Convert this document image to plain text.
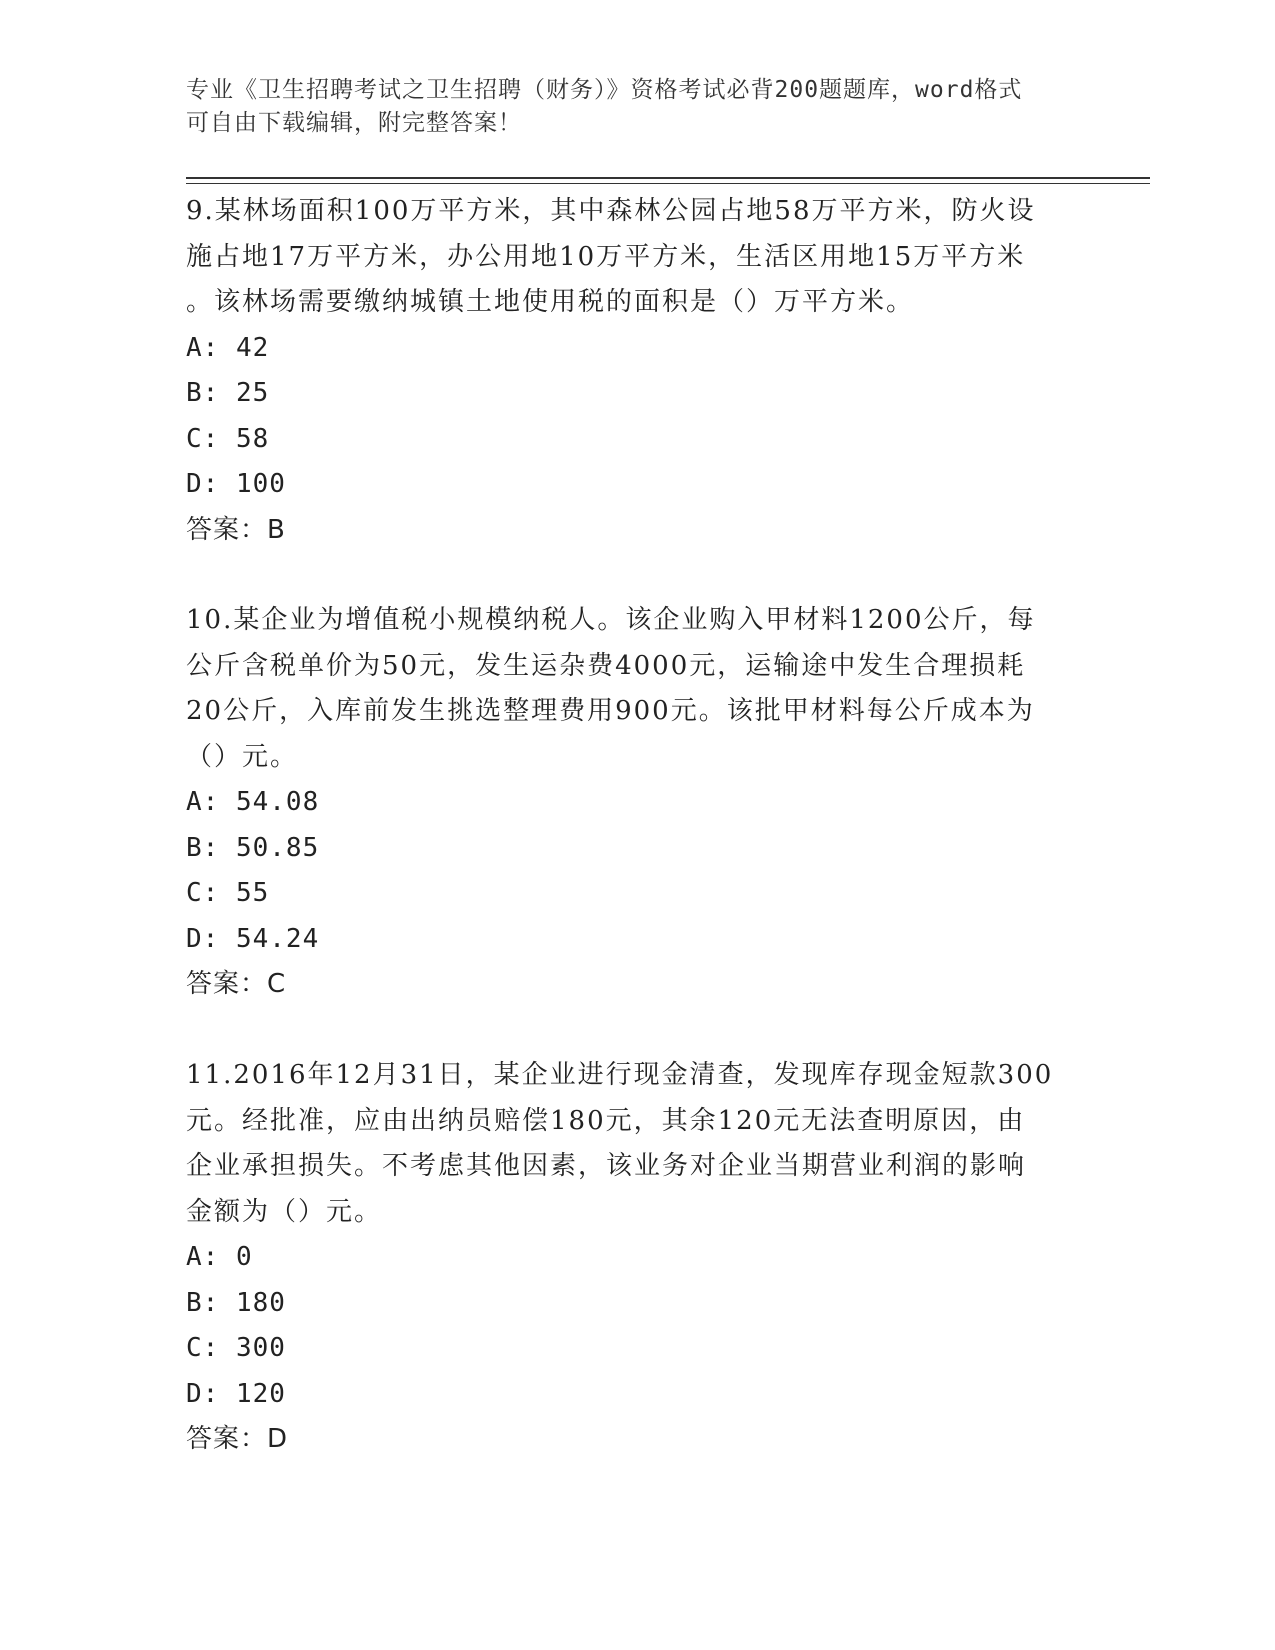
专业《卫生招聘考试之卫生招聘（财务）》资格考试必背200题题库，word格式
可自由下载编辑，附完整答案！

9.某林场面积100万平方米，其中森林公园占地58万平方米，防火设

施占地17万平方米，办公用地10万平方米，生活区用地15万平方米

。该林场需要缴纳城镇土地使用税的面积是（）万平方米。

A: 42

B: 25

C: 58

D: 100

答案：B

10.某企业为增值税小规模纳税人。该企业购入甲材料1200公斤，每

公斤含税单价为50元，发生运杂费4000元，运输途中发生合理损耗

20公斤，入库前发生挑选整理费用900元。该批甲材料每公斤成本为

（）元。

A: 54.08

B: 50.85

C: 55

D: 54.24

答案：C

11.2016年12月31日，某企业进行现金清查，发现库存现金短款300

元。经批准，应由出纳员赔偿180元，其余120元无法查明原因，由

企业承担损失。不考虑其他因素，该业务对企业当期营业利润的影响

金额为（）元。

A: 0

B: 180

C: 300

D: 120

答案：D
